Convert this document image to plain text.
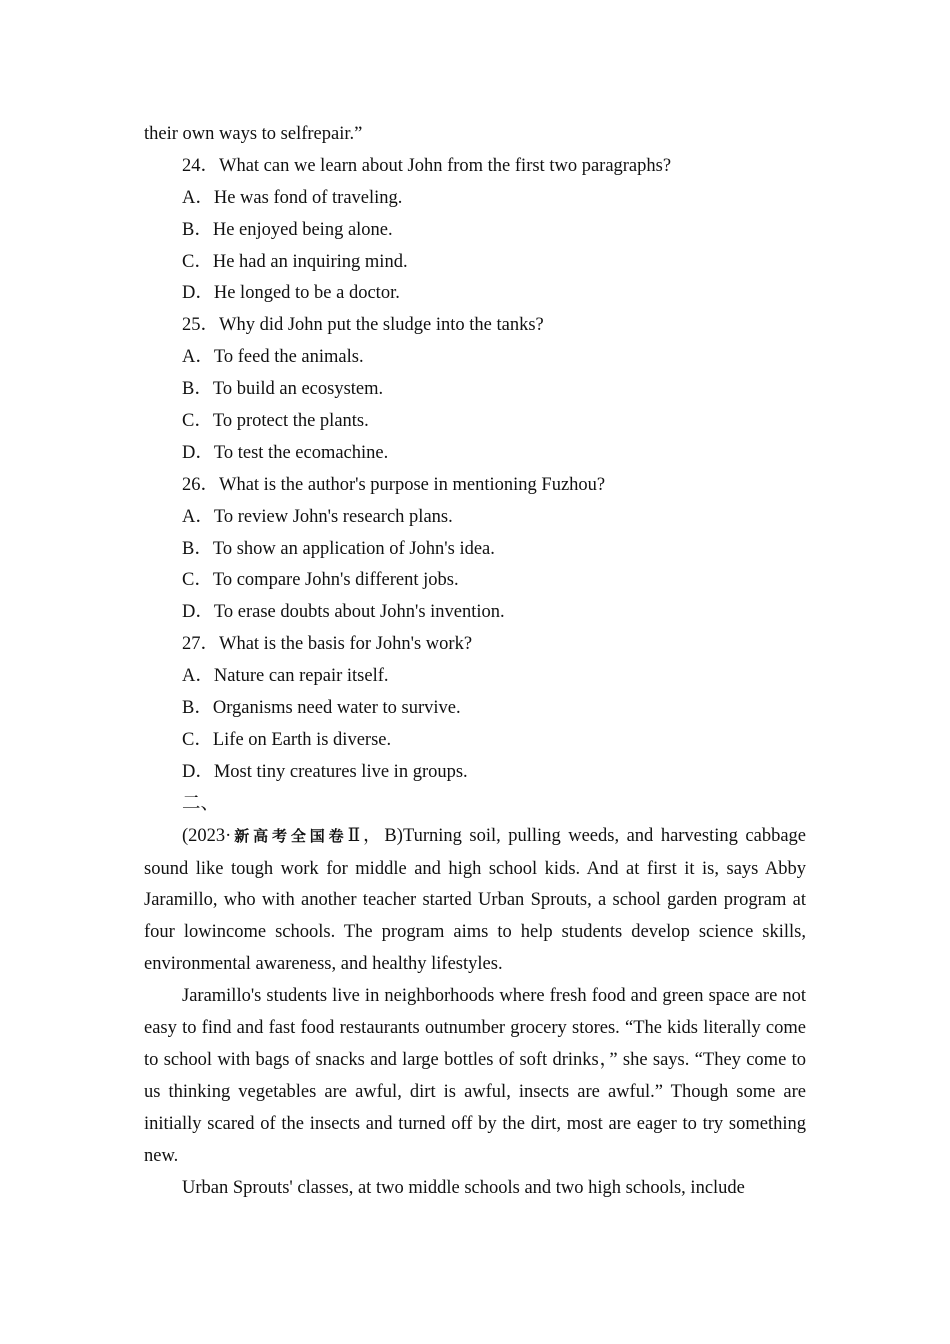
their own ways to selfrepair.”
24．What can we learn about John from the first two paragraphs?
A．He was fond of traveling.
B．He enjoyed being alone.
C．He had an inquiring mind.
D．He longed to be a doctor.
25．Why did John put the sludge into the tanks?
A．To feed the animals.
B．To build an ecosystem.
C．To protect the plants.
D．To test the ecomachine.
26．What is the author's purpose in mentioning Fuzhou?
A．To review John's research plans.
B．To show an application of John's idea.
C．To compare John's different jobs.
D．To erase doubts about John's invention.
27．What is the basis for John's work?
A．Nature can repair itself.
B．Organisms need water to survive.
C．Life on Earth is diverse.
D．Most tiny creatures live in groups.
二、

(2023·新高考全国卷Ⅱ，B)Turning soil, pulling weeds, and harvesting cabbage sound like tough work for middle and high school kids. And at first it is, says Abby Jaramillo, who with another teacher started Urban Sprouts, a school garden program at four lowincome schools. The program aims to help students develop science skills, environmental awareness, and healthy lifestyles.

Jaramillo's students live in neighborhoods where fresh food and green space are not easy to find and fast food restaurants outnumber grocery stores. “The kids literally come to school with bags of snacks and large bottles of soft drinks，” she says. “They come to us thinking vegetables are awful, dirt is awful, insects are awful.” Though some are initially scared of the insects and turned off by the dirt, most are eager to try something new.

Urban Sprouts' classes, at two middle schools and two high schools, include
